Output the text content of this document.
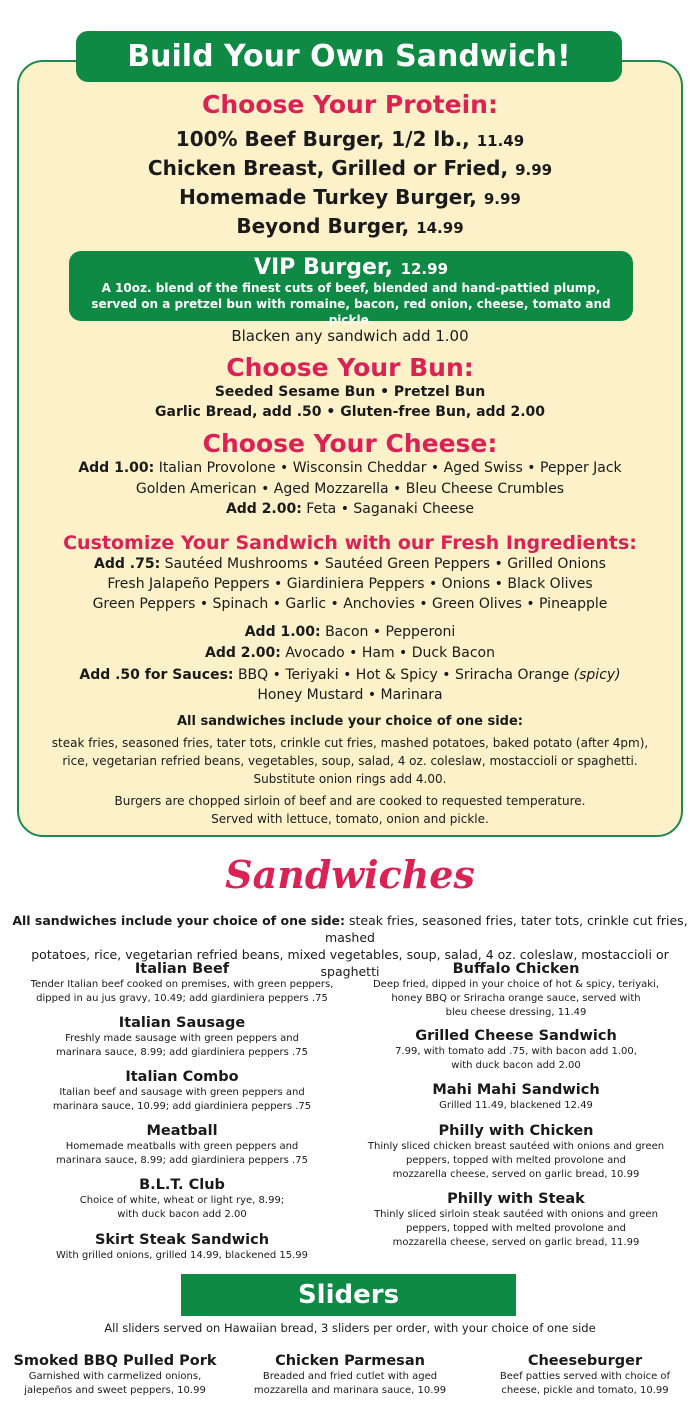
Build Your Own Sandwich!
Choose Your Protein:
100% Beef Burger, 1/2 lb., 11.49
Chicken Breast, Grilled or Fried, 9.99
Homemade Turkey Burger, 9.99
Beyond Burger, 14.99
VIP Burger, 12.99
A 10oz. blend of the finest cuts of beef, blended and hand-pattied plump,
served on a pretzel bun with romaine, bacon, red onion, cheese, tomato and pickle.
Blacken any sandwich add 1.00
Choose Your Bun:
Seeded Sesame Bun • Pretzel Bun
Garlic Bread, add .50 • Gluten-free Bun, add 2.00
Choose Your Cheese:
Add 1.00: Italian Provolone • Wisconsin Cheddar • Aged Swiss • Pepper Jack
Golden American • Aged Mozzarella • Bleu Cheese Crumbles
Add 2.00: Feta • Saganaki Cheese
Customize Your Sandwich with our Fresh Ingredients:
Add .75: Sautéed Mushrooms • Sautéed Green Peppers • Grilled Onions
Fresh Jalapeño Peppers • Giardiniera Peppers • Onions • Black Olives
Green Peppers • Spinach • Garlic • Anchovies • Green Olives • Pineapple
Add 1.00: Bacon • Pepperoni
Add 2.00: Avocado • Ham • Duck Bacon
Add .50 for Sauces: BBQ • Teriyaki • Hot & Spicy • Sriracha Orange (spicy)
Honey Mustard • Marinara
All sandwiches include your choice of one side:
steak fries, seasoned fries, tater tots, crinkle cut fries, mashed potatoes, baked potato (after 4pm),
rice, vegetarian refried beans, vegetables, soup, salad, 4 oz. coleslaw, mostaccioli or spaghetti.
Substitute onion rings add 4.00.
Burgers are chopped sirloin of beef and are cooked to requested temperature.
Served with lettuce, tomato, onion and pickle.
Sandwiches
All sandwiches include your choice of one side: steak fries, seasoned fries, tater tots, crinkle cut fries, mashed
potatoes, rice, vegetarian refried beans, mixed vegetables, soup, salad, 4 oz. coleslaw, mostaccioli or spaghetti
Italian Beef
Tender Italian beef cooked on premises, with green peppers,
dipped in au jus gravy, 10.49; add giardiniera peppers .75
Italian Sausage
Freshly made sausage with green peppers and
marinara sauce, 8.99; add giardiniera peppers .75
Italian Combo
Italian beef and sausage with green peppers and
marinara sauce, 10.99; add giardiniera peppers .75
Meatball
Homemade meatballs with green peppers and
marinara sauce, 8.99; add giardiniera peppers .75
B.L.T. Club
Choice of white, wheat or light rye, 8.99;
with duck bacon add 2.00
Skirt Steak Sandwich
With grilled onions, grilled 14.99, blackened 15.99
Buffalo Chicken
Deep fried, dipped in your choice of hot & spicy, teriyaki,
honey BBQ or Sriracha orange sauce, served with
bleu cheese dressing, 11.49
Grilled Cheese Sandwich
7.99, with tomato add .75, with bacon add 1.00,
with duck bacon add 2.00
Mahi Mahi Sandwich
Grilled 11.49, blackened 12.49
Philly with Chicken
Thinly sliced chicken breast sautéed with onions and green
peppers, topped with melted provolone and
mozzarella cheese, served on garlic bread, 10.99
Philly with Steak
Thinly sliced sirloin steak sautéed with onions and green
peppers, topped with melted provolone and
mozzarella cheese, served on garlic bread, 11.99
Sliders
All sliders served on Hawaiian bread, 3 sliders per order, with your choice of one side
Smoked BBQ Pulled Pork
Garnished with carmelized onions,
jalepeños and sweet peppers, 10.99
Chicken Parmesan
Breaded and fried cutlet with aged
mozzarella and marinara sauce, 10.99
Cheeseburger
Beef patties served with choice of
cheese, pickle and tomato, 10.99
